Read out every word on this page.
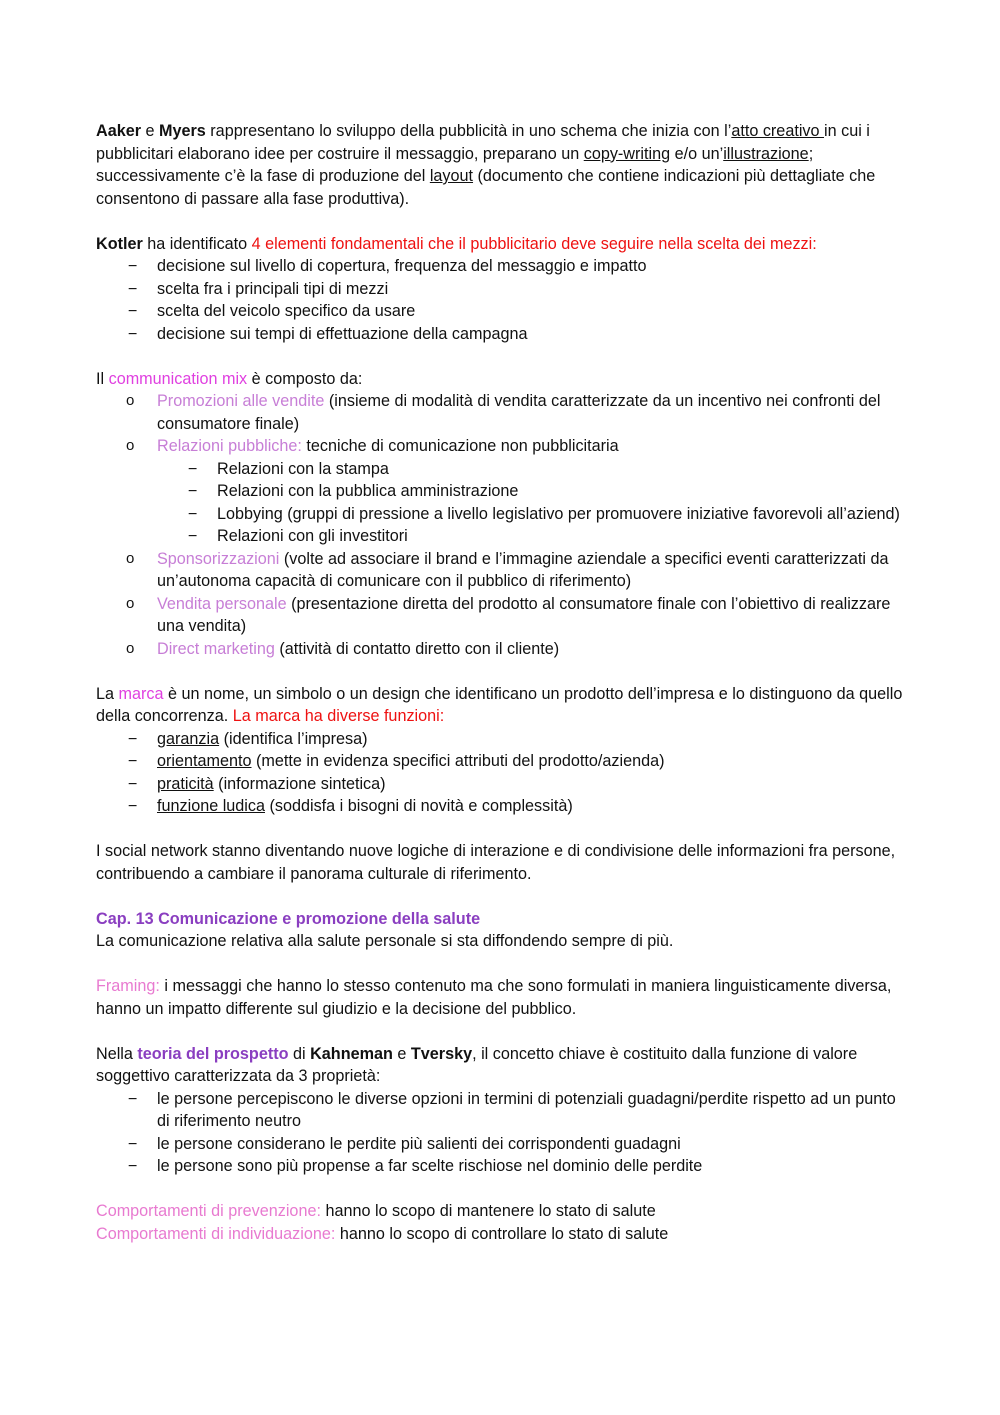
Aaker e Myers rappresentano lo sviluppo della pubblicità in uno schema che inizia con l’atto creativo in cui i pubblicitari elaborano idee per costruire il messaggio, preparano un copy-writing e/o un’illustrazione; successivamente c’è la fase di produzione del layout (documento che contiene indicazioni più dettagliate che consentono di passare alla fase produttiva).

Kotler ha identificato 4 elementi fondamentali che il pubblicitario deve seguire nella scelta dei mezzi:

− decisione sul livello di copertura, frequenza del messaggio e impatto
− scelta fra i principali tipi di mezzi
− scelta del veicolo specifico da usare
− decisione sui tempi di effettuazione della campagna

Il communication mix è composto da:

o Promozioni alle vendite (insieme di modalità di vendita caratterizzate da un incentivo nei confronti del consumatore finale)
o Relazioni pubbliche: tecniche di comunicazione non pubblicitaria
− Relazioni con la stampa
− Relazioni con la pubblica amministrazione
− Lobbying (gruppi di pressione a livello legislativo per promuovere iniziative favorevoli all’aziend)
− Relazioni con gli investitori
o Sponsorizzazioni (volte ad associare il brand e l’immagine aziendale a specifici eventi caratterizzati da un’autonoma capacità di comunicare con il pubblico di riferimento)
o Vendita personale (presentazione diretta del prodotto al consumatore finale con l’obiettivo di realizzare una vendita)
o Direct marketing (attività di contatto diretto con il cliente)

La marca è un nome, un simbolo o un design che identificano un prodotto dell’impresa e lo distinguono da quello della concorrenza. La marca ha diverse funzioni:

− garanzia (identifica l’impresa)
− orientamento (mette in evidenza specifici attributi del prodotto/azienda)
− praticità (informazione sintetica)
− funzione ludica (soddisfa i bisogni di novità e complessità)

I social network stanno diventando nuove logiche di interazione e di condivisione delle informazioni fra persone, contribuendo a cambiare il panorama culturale di riferimento.

Cap. 13 Comunicazione e promozione della salute

La comunicazione relativa alla salute personale si sta diffondendo sempre di più.

Framing: i messaggi che hanno lo stesso contenuto ma che sono formulati in maniera linguisticamente diversa, hanno un impatto differente sul giudizio e la decisione del pubblico.

Nella teoria del prospetto di Kahneman e Tversky, il concetto chiave è costituito dalla funzione di valore soggettivo caratterizzata da 3 proprietà:

− le persone percepiscono le diverse opzioni in termini di potenziali guadagni/perdite rispetto ad un punto di riferimento neutro
− le persone considerano le perdite più salienti dei corrispondenti guadagni
− le persone sono più propense a far scelte rischiose nel dominio delle perdite

Comportamenti di prevenzione: hanno lo scopo di mantenere lo stato di salute

Comportamenti di individuazione: hanno lo scopo di controllare lo stato di salute
